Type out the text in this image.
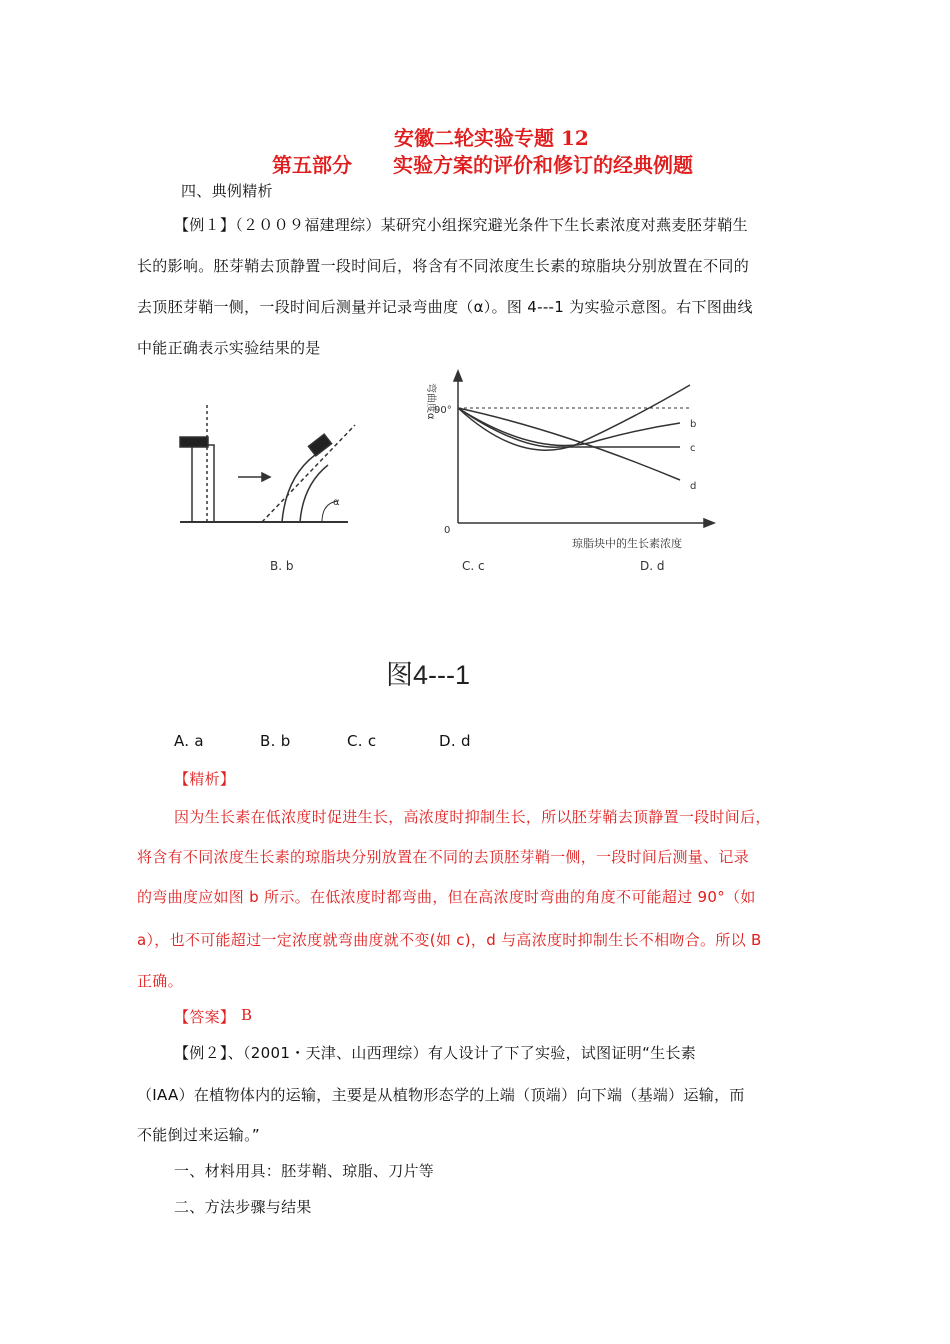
安徽二轮实验专题 12
第五部分 实验方案的评价和修订的经典例题
四、典例精析
【例１】（２００９福建理综）某研究小组探究避光条件下生长素浓度对燕麦胚芽鞘生
长的影响。胚芽鞘去顶静置一段时间后，将含有不同浓度生长素的琼脂块分别放置在不同的
去顶胚芽鞘一侧，一段时间后测量并记录弯曲度（α）。图 4---1 为实验示意图。右下图曲线
中能正确表示实验结果的是
α
B. b
弯曲度α
90°
0
琼脂块中的生长素浓度
b
c
d
C. c	D. d
图4---1
A. a	B. b	C. c	D. d
【精析】
因为生长素在低浓度时促进生长，高浓度时抑制生长，所以胚芽鞘去顶静置一段时间后，
将含有不同浓度生长素的琼脂块分别放置在不同的去顶胚芽鞘一侧，一段时间后测量、记录
的弯曲度应如图 b 所示。在低浓度时都弯曲，但在高浓度时弯曲的角度不可能超过 90°（如
a），也不可能超过一定浓度就弯曲度就不变(如 c)，d 与高浓度时抑制生长不相吻合。所以 B
正确。
【答案】 B
【例２】、（2001・天津、山西理综）有人设计了下了实验，试图证明“生长素
（IAA）在植物体内的运输，主要是从植物形态学的上端（顶端）向下端（基端）运输，而
不能倒过来运输。”
一、材料用具：胚芽鞘、琼脂、刀片等
二、方法步骤与结果
